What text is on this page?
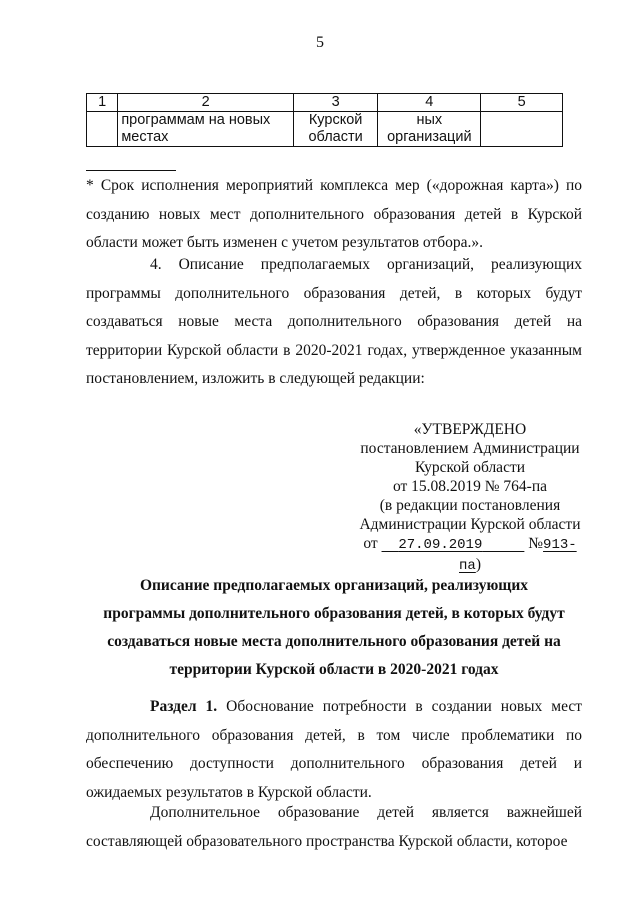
5
1	2	3	4	5
	программам на новых местах	Курской области	ных организаций	
* Срок исполнения мероприятий комплекса мер («дорожная карта») по созданию новых мест дополнительного образования детей в Курской области может быть изменен с учетом результатов отбора.».
4. Описание предполагаемых организаций, реализующих программы дополнительного образования детей, в которых будут создаваться новые места дополнительного образования детей на территории Курской области в 2020-2021 годах, утвержденное указанным постановлением, изложить в следующей редакции:
«УТВЕРЖДЕНО
постановлением Администрации
Курской области
от 15.08.2019 № 764-па
(в редакции постановления
Администрации Курской области
от 27.09.2019	№913-па)
Описание предполагаемых организаций, реализующих
программы дополнительного образования детей, в которых будут
создаваться новые места дополнительного образования детей на
территории Курской области в 2020-2021 годах
Раздел 1. Обоснование потребности в создании новых мест дополнительного образования детей, в том числе проблематики по обеспечению доступности дополнительного образования детей и ожидаемых результатов в Курской области.
Дополнительное образование детей является важнейшей составляющей образовательного пространства Курской области, которое
